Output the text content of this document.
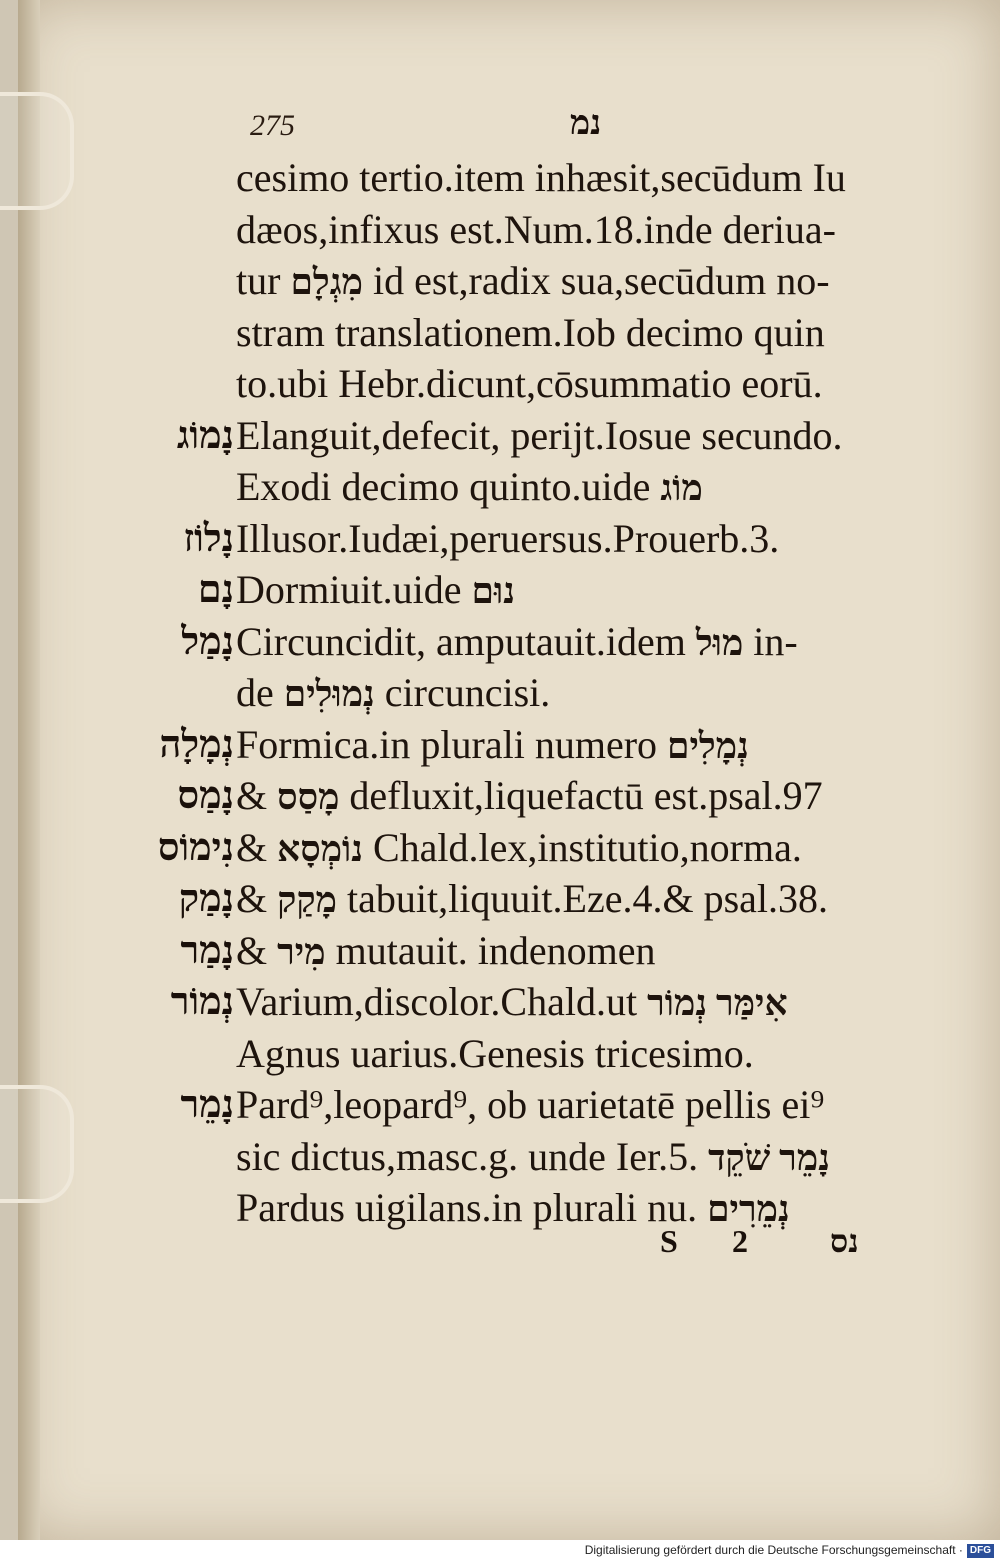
275	נמ
cesimo tertio.item inhæsit,secūdum Iu
dæos,infixus est.Num.18.inde deriua-
tur מִגְלָם id est,radix sua,secūdum no-
stram translationem.Iob decimo quin
to.ubi Hebr.dicunt,cōsummatio eorū.
נָמוֹג Elanguit,defecit, perijt.Iosue secundo.
Exodi decimo quinto.uide מוֹג
נָלוֹז Illusor.Iudæi,peruersus.Prouerb.3.
נָם Dormiuit.uide נוּם
נָמַל Circuncidit, amputauit.idem מוּל in-
de נְמוּלִים circuncisi.
נְמָלָה Formica.in plurali numero נְמָלִים
נָמַס & מָסַס defluxit,liquefactū est.psal.97
נִימוֹס & נוֹמְסָא Chald.lex,institutio,norma.
נָמַק & מָקַק tabuit,liquuit.Eze.4.& psal.38.
נָמַר & מִיר mutauit. indenomen
נְמוֹר Varium,discolor.Chald.ut אִימַּר נְמוֹר
Agnus uarius.Genesis tricesimo.
נָמֵר Pard⁹,leopard⁹, ob uarietatē pellis ei⁹
sic dictus,masc.g. unde Ier.5. נָמֵר שֹׁקֵד
Pardus uigilans.in plurali nu. נְמֵרִים
S 2	נס
Digitalisierung gefördert durch die Deutsche Forschungsgemeinschaft · DFG
